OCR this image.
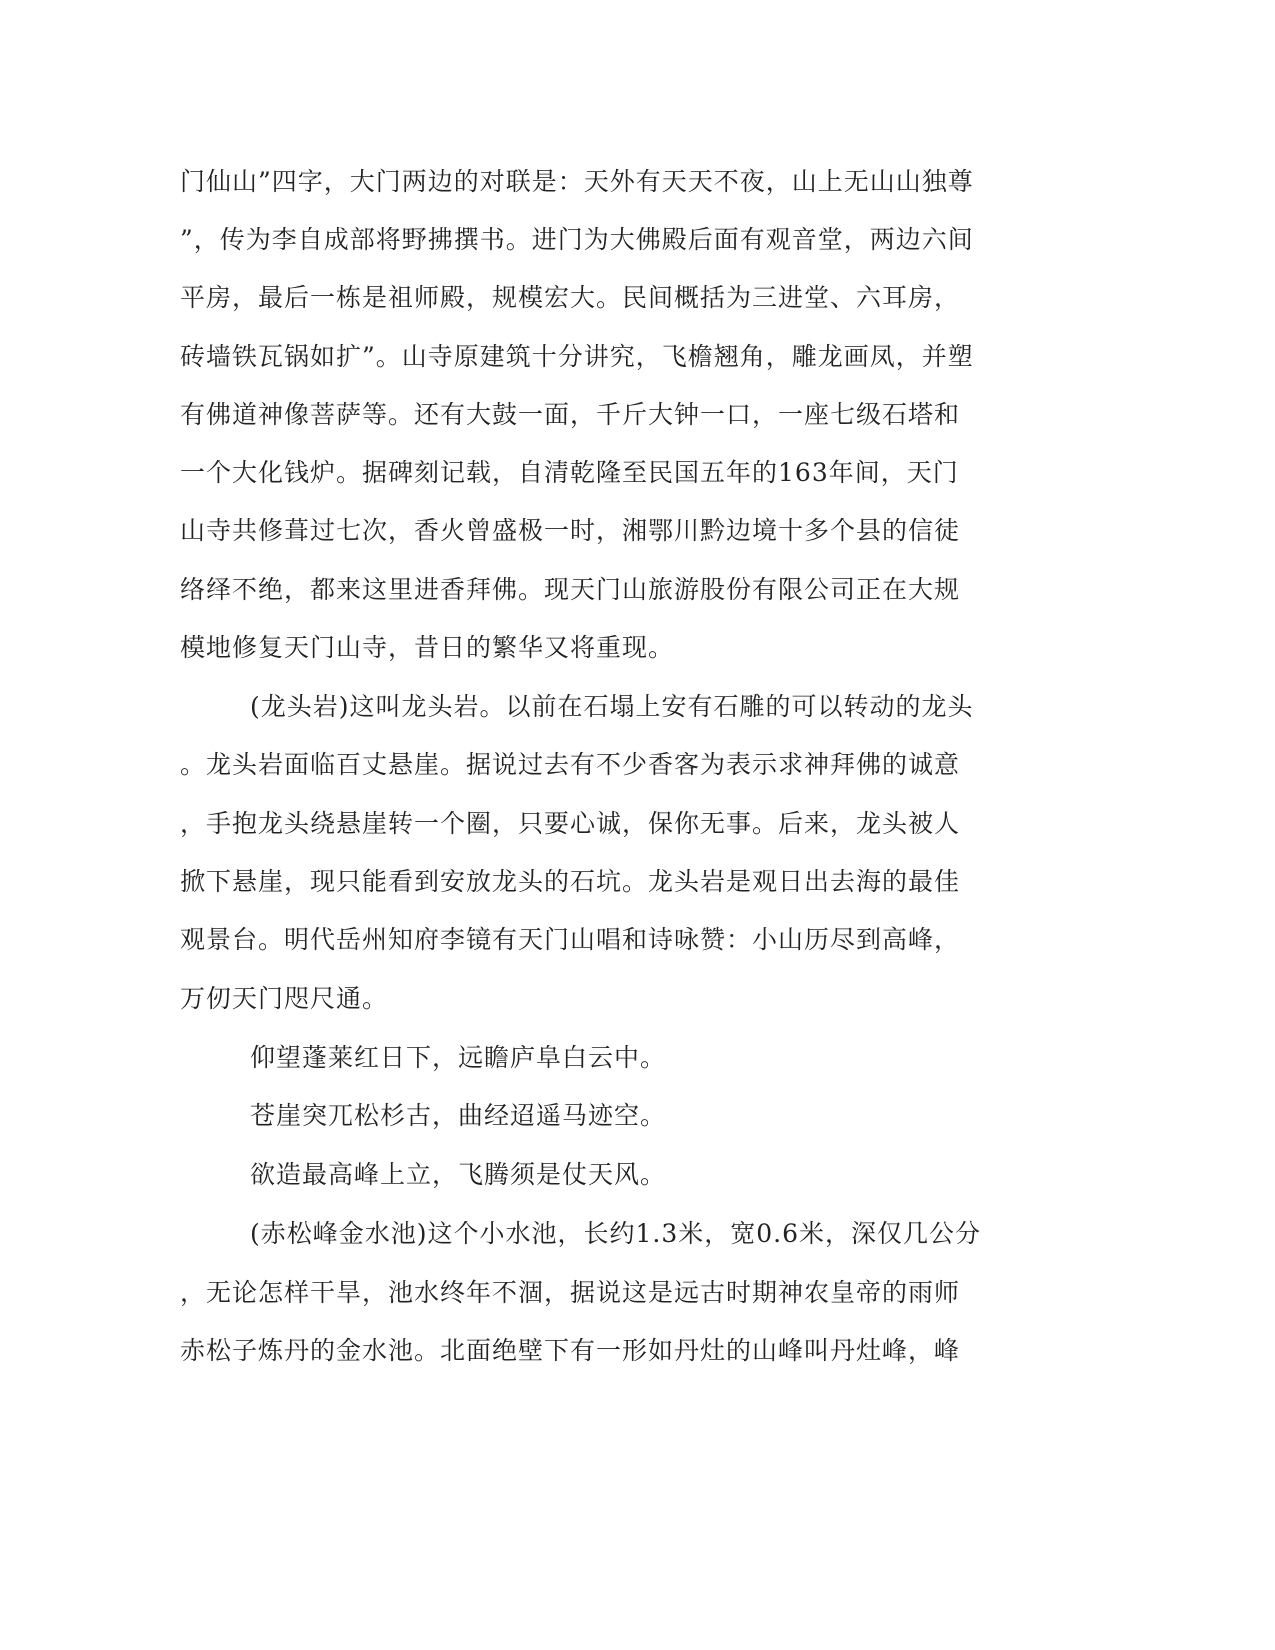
门仙山”四字，大门两边的对联是：天外有天天不夜，山上无山山独尊
”，传为李自成部将野拂撰书。进门为大佛殿后面有观音堂，两边六间
平房，最后一栋是祖师殿，规模宏大。民间概括为三进堂、六耳房，
砖墙铁瓦锅如扩”。山寺原建筑十分讲究，飞檐翘角，雕龙画凤，并塑
有佛道神像菩萨等。还有大鼓一面，千斤大钟一口，一座七级石塔和
一个大化钱炉。据碑刻记载，自清乾隆至民国五年的163年间，天门
山寺共修葺过七次，香火曾盛极一时，湘鄂川黔边境十多个县的信徒
络绎不绝，都来这里进香拜佛。现天门山旅游股份有限公司正在大规
模地修复天门山寺，昔日的繁华又将重现。
(龙头岩)这叫龙头岩。以前在石塌上安有石雕的可以转动的龙头
。龙头岩面临百丈悬崖。据说过去有不少香客为表示求神拜佛的诚意
，手抱龙头绕悬崖转一个圈，只要心诚，保你无事。后来，龙头被人
掀下悬崖，现只能看到安放龙头的石坑。龙头岩是观日出去海的最佳
观景台。明代岳州知府李镜有天门山唱和诗咏赞：小山历尽到高峰，
万仞天门咫尺通。
仰望蓬莱红日下，远瞻庐阜白云中。
苍崖突兀松杉古，曲经迢遥马迹空。
欲造最高峰上立，飞腾须是仗天风。
(赤松峰金水池)这个小水池，长约1.3米，宽0.6米，深仅几公分
，无论怎样干旱，池水终年不涸，据说这是远古时期神农皇帝的雨师
赤松子炼丹的金水池。北面绝壁下有一形如丹灶的山峰叫丹灶峰，峰
